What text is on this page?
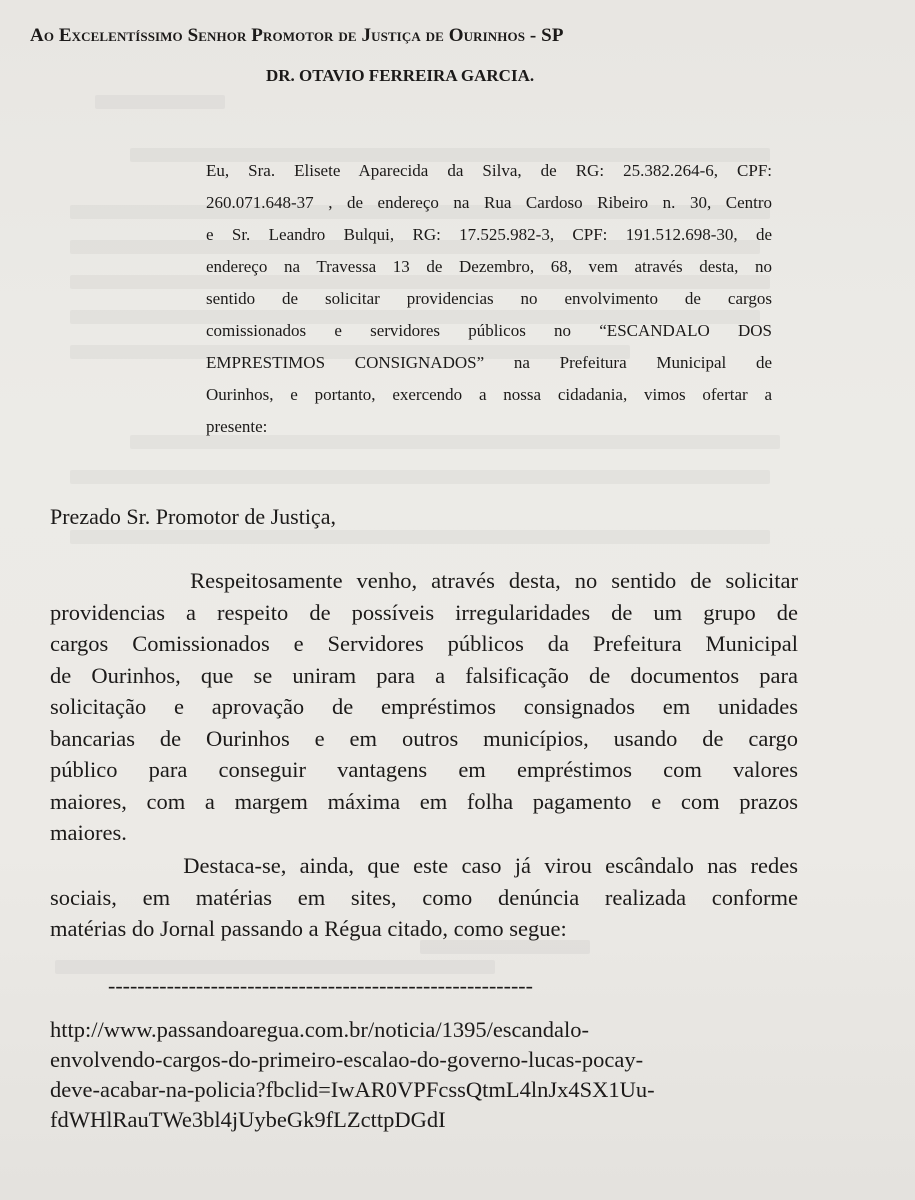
Ao Excelentíssimo Senhor Promotor de Justiça de Ourinhos - SP
DR. OTAVIO FERREIRA GARCIA.
Eu, Sra. Elisete Aparecida da Silva, de RG: 25.382.264-6, CPF:
260.071.648-37 , de endereço na Rua Cardoso Ribeiro n. 30, Centro
e Sr. Leandro Bulqui, RG: 17.525.982-3, CPF: 191.512.698-30, de
endereço na Travessa 13 de Dezembro, 68, vem através desta, no
sentido de solicitar providencias no envolvimento de cargos
comissionados e servidores públicos no “ESCANDALO DOS
EMPRESTIMOS CONSIGNADOS” na Prefeitura Municipal de
Ourinhos, e portanto, exercendo a nossa cidadania, vimos ofertar a
presente:
Prezado Sr. Promotor de Justiça,
Respeitosamente venho, através desta, no sentido de solicitar
providencias a respeito de possíveis irregularidades de um grupo de
cargos Comissionados e Servidores públicos da Prefeitura Municipal
de Ourinhos, que se uniram para a falsificação de documentos para
solicitação e aprovação de empréstimos consignados em unidades
bancarias de Ourinhos e em outros municípios, usando de cargo
público para conseguir vantagens em empréstimos com valores
maiores, com a margem máxima em folha pagamento e com prazos
maiores.
Destaca-se, ainda, que este caso já virou escândalo nas redes
sociais, em matérias em sites, como denúncia realizada conforme
matérias do Jornal passando a Régua citado, como segue:
----------------------------------------------------------
http://www.passandoaregua.com.br/noticia/1395/escandalo-
envolvendo-cargos-do-primeiro-escalao-do-governo-lucas-pocay-
deve-acabar-na-policia?fbclid=IwAR0VPFcssQtmL4lnJx4SX1Uu-
fdWHlRauTWe3bl4jUybeGk9fLZcttpDGdI
